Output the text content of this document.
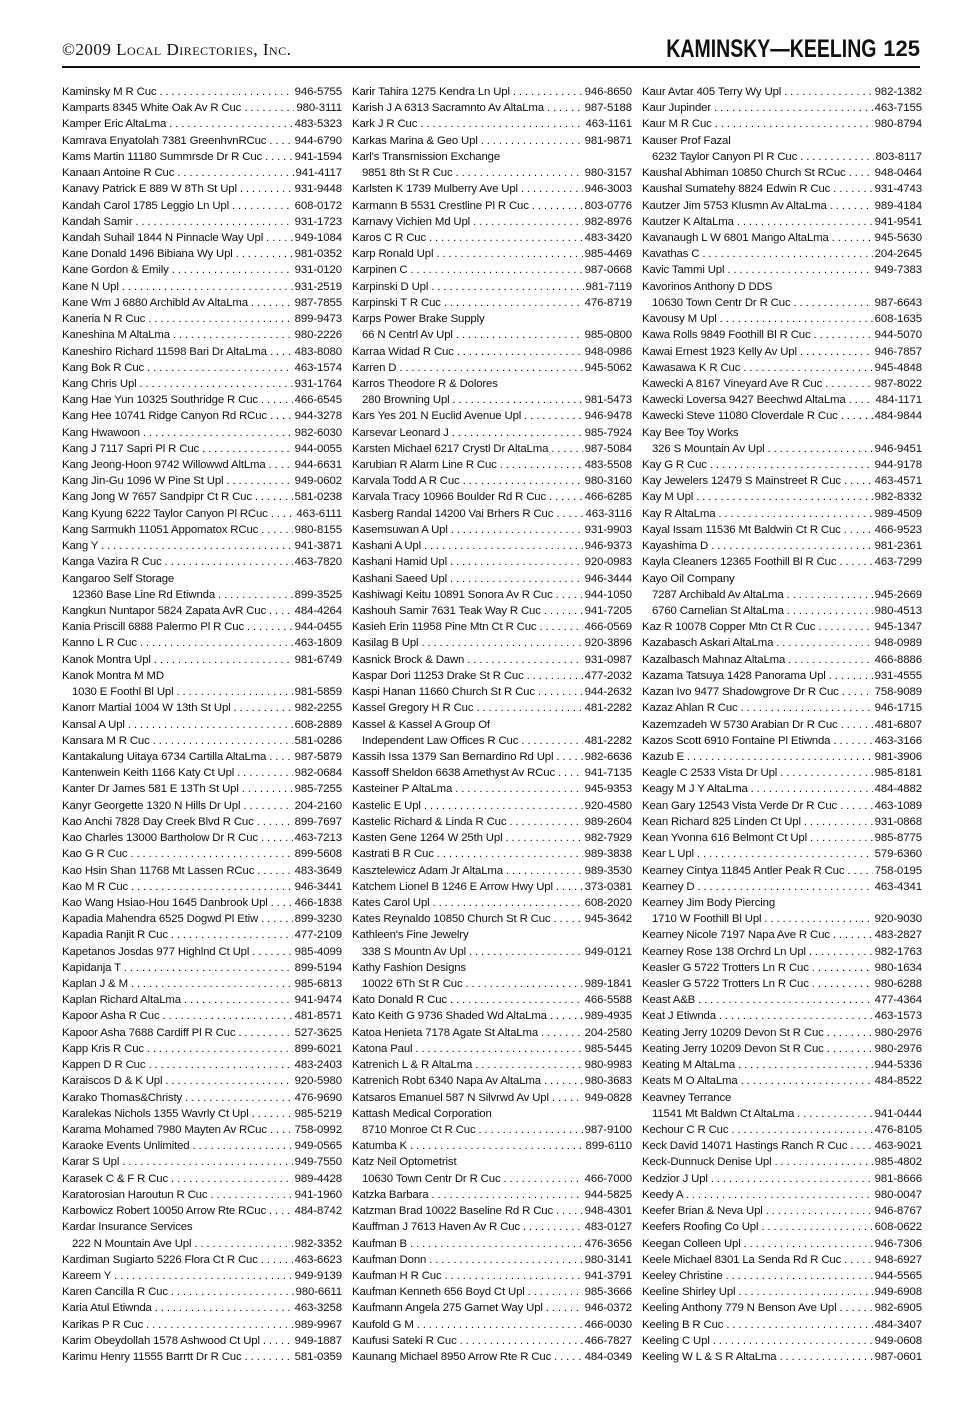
©2009 Local Directories, Inc.	KAMINSKY—KEELING 125
Kaminsky M R Cuc . . .	946-5755
Kamparts 8345 White Oak Av R Cuc . . .	980-3111
Kamper Eric AltaLma . . .	483-5323
Kamrava Enyatolah 7381 GreenhvnRCuc . . .	944-6790
Kams Martin 11180 Summrsde Dr R Cuc . . .	941-1594
Kanaan Antoine R Cuc . . .	941-4117
Kanavy Patrick E 889 W 8Th St Upl . . .	931-9448
Kandah Carol 1785 Leggio Ln Upl . . .	608-0172
Kandah Samir . . .	931-1723
Kandah Suhail 1844 N Pinnacle Way Upl . . .	949-1084
Kane Donald 1496 Bibiana Wy Upl . . .	981-0352
Kane Gordon & Emily . . .	931-0120
Kane N Upl . . .	931-2519
Kane Wm J 6880 Archibld Av AltaLma . . .	987-7855
Kaneria N R Cuc . . .	899-9473
Kaneshina M AltaLma . . .	980-2226
Kaneshiro Richard 11598 Bari Dr AltaLma . . .	483-8080
Kang Bok R Cuc . . .	463-1574
Kang Chris Upl . . .	931-1764
Kang Hae Yun 10325 Southridge R Cuc . . .	466-6545
Kang Hee 10741 Ridge Canyon Rd RCuc . . .	944-3278
Kang Hwawoon . . .	982-6030
Kang J 7117 Sapri Pl R Cuc . . .	944-0055
Kang Jeong-Hoon 9742 Willowwd AltLma . . .	944-6631
Kang Jin-Gu 1096 W Pine St Upl . . .	949-0602
Kang Jong W 7657 Sandpipr Ct R Cuc . . .	581-0238
Kang Kyung 6222 Taylor Canyon Pl RCuc . . .	463-6111
Kang Sarmukh 11051 Appomatox RCuc . . .	980-8155
Kang Y . . .	941-3871
Kanga Vazira R Cuc . . .	463-7820
Kangaroo Self Storage
12360 Base Line Rd Etiwnda . . .	899-3525
Kangkun Nuntapor 5824 Zapata AvR Cuc . . .	484-4264
Kania Priscill 6888 Palermo Pl R Cuc . . .	944-0455
Kanno L R Cuc . . .	463-1809
Kanok Montra Upl . . .	981-6749
Kanok Montra M MD
1030 E Foothl Bl Upl . . .	981-5859
Kanorr Martial 1004 W 13th St Upl . . .	982-2255
Kansal A Upl . . .	608-2889
Kansara M R Cuc . . .	581-0286
Kantakalung Uitaya 6734 Cartilla AltaLma . . .	987-5879
Kantenwein Keith 1166 Katy Ct Upl . . .	982-0684
Kanter Dr James 581 E 13Th St Upl . . .	985-7255
Kanyr Georgette 1320 N Hills Dr Upl . . .	204-2160
Kao Anchi 7828 Day Creek Blvd R Cuc . . .	899-7697
Kao Charles 13000 Bartholow Dr R Cuc . . .	463-7213
Kao G R Cuc . . .	899-5608
Kao Hsin Shan 11768 Mt Lassen RCuc . . .	483-3649
Kao M R Cuc . . .	946-3441
Kao Wang Hsiao-Hou 1645 Danbrook Upl . . .	466-1838
Kapadia Mahendra 6525 Dogwd Pl Etiw . . .	899-3230
Kapadia Ranjit R Cuc . . .	477-2109
Kapetanos Josdas 977 Highlnd Ct Upl . . .	985-4099
Kapidanja T . . .	899-5194
Kaplan J & M . . .	985-6813
Kaplan Richard AltaLma . . .	941-9474
Kapoor Asha R Cuc . . .	481-8571
Kapoor Asha 7688 Cardiff Pl R Cuc . . .	527-3625
Kapp Kris R Cuc . . .	899-6021
Kappen D R Cuc . . .	483-2403
Karaiscos D & K Upl . . .	920-5980
Karako Thomas&Christy . . .	476-9690
Karalekas Nichols 1355 Wavrly Ct Upl . . .	985-5219
Karama Mohamed 7980 Mayten Av RCuc . . .	758-0992
Karaoke Events Unlimited . . .	949-0565
Karar S Upl . . .	949-7550
Karasek C & F R Cuc . . .	989-4428
Karatorosian Haroutun R Cuc . . .	941-1960
Karbowicz Robert 10050 Arrow Rte RCuc . . .	484-8742
Kardar Insurance Services
222 N Mountain Ave Upl . . .	982-3352
Kardiman Sugiarto 5226 Flora Ct R Cuc . . .	463-6623
Kareem Y . . .	949-9139
Karen Cancilla R Cuc . . .	980-6611
Karia Atul Etiwnda . . .	463-3258
Karikas P R Cuc . . .	989-9967
Karim Obeydollah 1578 Ashwood Ct Upl . . .	949-1887
Karimu Henry 11555 Barrtt Dr R Cuc . . .	581-0359
Karir Tahira 1275 Kendra Ln Upl . . .	946-8650
Karish J A 6313 Sacramnto Av AltaLma . . .	987-5188
Kark J R Cuc . . .	463-1161
Karkas Marina & Geo Upl . . .	981-9871
Karl's Transmission Exchange
9851 8th St R Cuc . . .	980-3157
Karlsten K 1739 Mulberry Ave Upl . . .	946-3003
Karmann B 5531 Crestline Pl R Cuc . . .	803-0776
Karnavy Vichien Md Upl . . .	982-8976
Karos C R Cuc . . .	483-3420
Karp Ronald Upl . . .	985-4469
Karpinen C . . .	987-0668
Karpinski D Upl . . .	981-7119
Karpinski T R Cuc . . .	476-8719
Karps Power Brake Supply
66 N Centrl Av Upl . . .	985-0800
Karraa Widad R Cuc . . .	948-0986
Karren D . . .	945-5062
Karros Theodore R & Dolores
280 Browning Upl . . .	981-5473
Kars Yes 201 N Euclid Avenue Upl . . .	946-9478
Karsevar Leonard J . . .	985-7924
Karsten Michael 6217 Crystl Dr AltaLma . . .	987-5084
Karubian R Alarm Line R Cuc . . .	483-5508
Karvala Todd A R Cuc . . .	980-3160
Karvala Tracy 10966 Boulder Rd R Cuc . . .	466-6285
Kasberg Randal 14200 Vai Brhers R Cuc . . .	463-3116
Kasemsuwan A Upl . . .	931-9903
Kashani A Upl . . .	946-9373
Kashani Hamid Upl . . .	920-0983
Kashani Saeed Upl . . .	946-3444
Kashiwagi Keitu 10891 Sonora Av R Cuc . . .	944-1050
Kashouh Samir 7631 Teak Way R Cuc . . .	941-7205
Kasieh Erin 11958 Pine Mtn Ct R Cuc . . .	466-0569
Kasilag B Upl . . .	920-3896
Kasnick Brock & Dawn . . .	931-0987
Kaspar Dori 11253 Drake St R Cuc . . .	477-2032
Kaspi Hanan 11660 Church St R Cuc . . .	944-2632
Kassel Gregory H R Cuc . . .	481-2282
Kassel & Kassel A Group Of
Independent Law Offices R Cuc . . .	481-2282
Kassih Issa 1379 San Bernardino Rd Upl . . .	982-6636
Kassoff Sheldon 6638 Amethyst Av RCuc . . .	941-7135
Kasteiner P AltaLma . . .	945-9353
Kastelic E Upl . . .	920-4580
Kastelic Richard & Linda R Cuc . . .	989-2604
Kasten Gene 1264 W 25th Upl . . .	982-7929
Kastrati B R Cuc . . .	989-3838
Kasztelewicz Adam Jr AltaLma . . .	989-3530
Katchem Lionel B 1246 E Arrow Hwy Upl . . .	373-0381
Kates Carol Upl . . .	608-2020
Kates Reynaldo 10850 Church St R Cuc . . .	945-3642
Kathleen's Fine Jewelry
338 S Mountn Av Upl . . .	949-0121
Kathy Fashion Designs
10022 6Th St R Cuc . . .	989-1841
Kato Donald R Cuc . . .	466-5588
Kato Keith G 9736 Shaded Wd AltaLma . . .	989-4935
Katoa Henieta 7178 Agate St AltaLma . . .	204-2580
Katona Paul . . .	985-5445
Katrenich L & R AltaLma . . .	980-9983
Katrenich Robt 6340 Napa Av AltaLma . . .	980-3683
Katsaros Emanuel 587 N Silvrwd Av Upl . . .	949-0828
Kattash Medical Corporation
8710 Monroe Ct R Cuc . . .	987-9100
Katumba K . . .	899-6110
Katz Neil Optometrist
10630 Town Centr Dr R Cuc . . .	466-7000
Katzka Barbara . . .	944-5825
Katzman Brad 10022 Baseline Rd R Cuc . . .	948-4301
Kauffman J 7613 Haven Av R Cuc . . .	483-0127
Kaufman B . . .	476-3656
Kaufman Donn . . .	980-3141
Kaufman H R Cuc . . .	941-3791
Kaufman Kenneth 656 Boyd Ct Upl . . .	985-3666
Kaufmann Angela 275 Garnet Way Upl . . .	946-0372
Kaufold G M . . .	466-0030
Kaufusi Sateki R Cuc . . .	466-7827
Kaunang Michael 8950 Arrow Rte R Cuc . . .	484-0349
Kaur Avtar 405 Terry Wy Upl . . .	982-1382
Kaur Jupinder . . .	463-7155
Kaur M R Cuc . . .	980-8794
Kauser Prof Fazal
6232 Taylor Canyon Pl R Cuc . . .	803-8117
Kaushal Abhiman 10850 Church St RCuc . . .	948-0464
Kaushal Sumatehy 8824 Edwin R Cuc . . .	931-4743
Kautzer Jim 5753 Klusmn Av AltaLma . . .	989-4184
Kautzer K AltaLma . . .	941-9541
Kavanaugh L W 6801 Mango AltaLma . . .	945-5630
Kavathas C . . .	204-2645
Kavic Tammi Upl . . .	949-7383
Kavorinos Anthony D DDS
10630 Town Centr Dr R Cuc . . .	987-6643
Kavousy M Upl . . .	608-1635
Kawa Rolls 9849 Foothill Bl R Cuc . . .	944-5070
Kawai Ernest 1923 Kelly Av Upl . . .	946-7857
Kawasawa K R Cuc . . .	945-4848
Kawecki A 8167 Vineyard Ave R Cuc . . .	987-8022
Kawecki Loversa 9427 Beechwd AltaLma . . .	484-1171
Kawecki Steve 11080 Cloverdale R Cuc . . .	484-9844
Kay Bee Toy Works
326 S Mountain Av Upl . . .	946-9451
Kay G R Cuc . . .	944-9178
Kay Jewelers 12479 S Mainstreet R Cuc . . .	463-4571
Kay M Upl . . .	982-8332
Kay R AltaLma . . .	989-4509
Kayal Issam 11536 Mt Baldwin Ct R Cuc . . .	466-9523
Kayashima D . . .	981-2361
Kayla Cleaners 12365 Foothill Bl R Cuc . . .	463-7299
Kayo Oil Company
7287 Archibald Av AltaLma . . .	945-2669
6760 Carnelian St AltaLma . . .	980-4513
Kaz R 10078 Copper Mtn Ct R Cuc . . .	945-1347
Kazabasch Askari AltaLma . . .	948-0989
Kazalbasch Mahnaz AltaLma . . .	466-8886
Kazama Tatsuya 1428 Panorama Upl . . .	931-4555
Kazan Ivo 9477 Shadowgrove Dr R Cuc . . .	758-9089
Kazaz Ahlan R Cuc . . .	946-1715
Kazemzadeh W 5730 Arabian Dr R Cuc . . .	481-6807
Kazos Scott 6910 Fontaine Pl Etiwnda . . .	463-3166
Kazub E . . .	981-3906
Keagle C 2533 Vista Dr Upl . . .	985-8181
Keagy M J Y AltaLma . . .	484-4882
Kean Gary 12543 Vista Verde Dr R Cuc . . .	463-1089
Kean Richard 825 Linden Ct Upl . . .	931-0868
Kean Yvonna 616 Belmont Ct Upl . . .	985-8775
Kear L Upl . . .	579-6360
Kearney Cintya 11845 Antler Peak R Cuc . . .	758-0195
Kearney D . . .	463-4341
Kearney Jim Body Piercing
1710 W Foothill Bl Upl . . .	920-9030
Kearney Nicole 7197 Napa Ave R Cuc . . .	483-2827
Kearney Rose 138 Orchrd Ln Upl . . .	982-1763
Keasler G 5722 Trotters Ln R Cuc . . .	980-1634
Keasler G 5722 Trotters Ln R Cuc . . .	980-6288
Keast A&B . . .	477-4364
Keat J Etiwnda . . .	463-1573
Keating Jerry 10209 Devon St R Cuc . . .	980-2976
Keating Jerry 10209 Devon St R Cuc . . .	980-2976
Keating M AltaLma . . .	944-5336
Keats M O AltaLma . . .	484-8522
Keavney Terrance
11541 Mt Baldwn Ct AltaLma . . .	941-0444
Kechour C R Cuc . . .	476-8105
Keck David 14071 Hastings Ranch R Cuc . . .	463-9021
Keck-Dunnuck Denise Upl . . .	985-4802
Kedzior J Upl . . .	981-8666
Keedy A . . .	980-0047
Keefer Brian & Neva Upl . . .	946-8767
Keefers Roofing Co Upl . . .	608-0622
Keegan Colleen Upl . . .	946-7306
Keele Michael 8301 La Senda Rd R Cuc . . .	948-6927
Keeley Christine . . .	944-5565
Keeline Shirley Upl . . .	949-6908
Keeling Anthony 779 N Benson Ave Upl . . .	982-6905
Keeling B R Cuc . . .	484-3407
Keeling C Upl . . .	949-0608
Keeling W L & S R AltaLma . . .	987-0601
